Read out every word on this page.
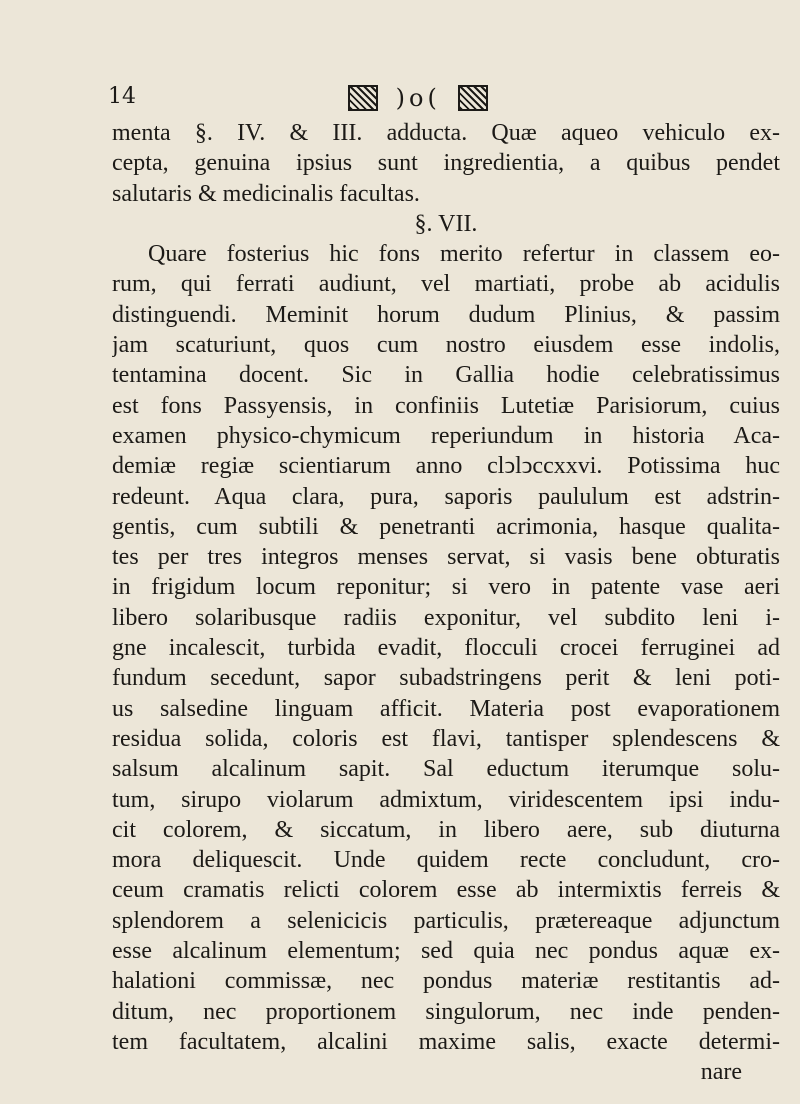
14	)o(
menta §. IV. & III. adducta. Quæ aqueo vehiculo ex-
cepta, genuina ipsius sunt ingredientia, a quibus pendet
salutaris & medicinalis facultas.
§. VII.
Quare fosterius hic fons merito refertur in classem eo-
rum, qui ferrati audiunt, vel martiati, probe ab acidulis
distinguendi. Meminit horum dudum Plinius, & passim
jam scaturiunt, quos cum nostro eiusdem esse indolis,
tentamina docent. Sic in Gallia hodie celebratissimus
est fons Passyensis, in confiniis Lutetiæ Parisiorum, cuius
examen physico-chymicum reperiundum in historia Aca-
demiæ regiæ scientiarum anno clↄlↄccxxvi. Potissima huc
redeunt. Aqua clara, pura, saporis paululum est adstrin-
gentis, cum subtili & penetranti acrimonia, hasque qualita-
tes per tres integros menses servat, si vasis bene obturatis
in frigidum locum reponitur; si vero in patente vase aeri
libero solaribusque radiis exponitur, vel subdito leni i-
gne incalescit, turbida evadit, flocculi crocei ferruginei ad
fundum secedunt, sapor subadstringens perit & leni poti-
us salsedine linguam afficit. Materia post evaporationem
residua solida, coloris est flavi, tantisper splendescens &
salsum alcalinum sapit. Sal eductum iterumque solu-
tum, sirupo violarum admixtum, viridescentem ipsi indu-
cit colorem, & siccatum, in libero aere, sub diuturna
mora deliquescit. Unde quidem recte concludunt, cro-
ceum cramatis relicti colorem esse ab intermixtis ferreis &
splendorem a selenicicis particulis, prætereaque adjunctum
esse alcalinum elementum; sed quia nec pondus aquæ ex-
halationi commissæ, nec pondus materiæ restitantis ad-
ditum, nec proportionem singulorum, nec inde penden-
tem facultatem, alcalini maxime salis, exacte determi-
nare
